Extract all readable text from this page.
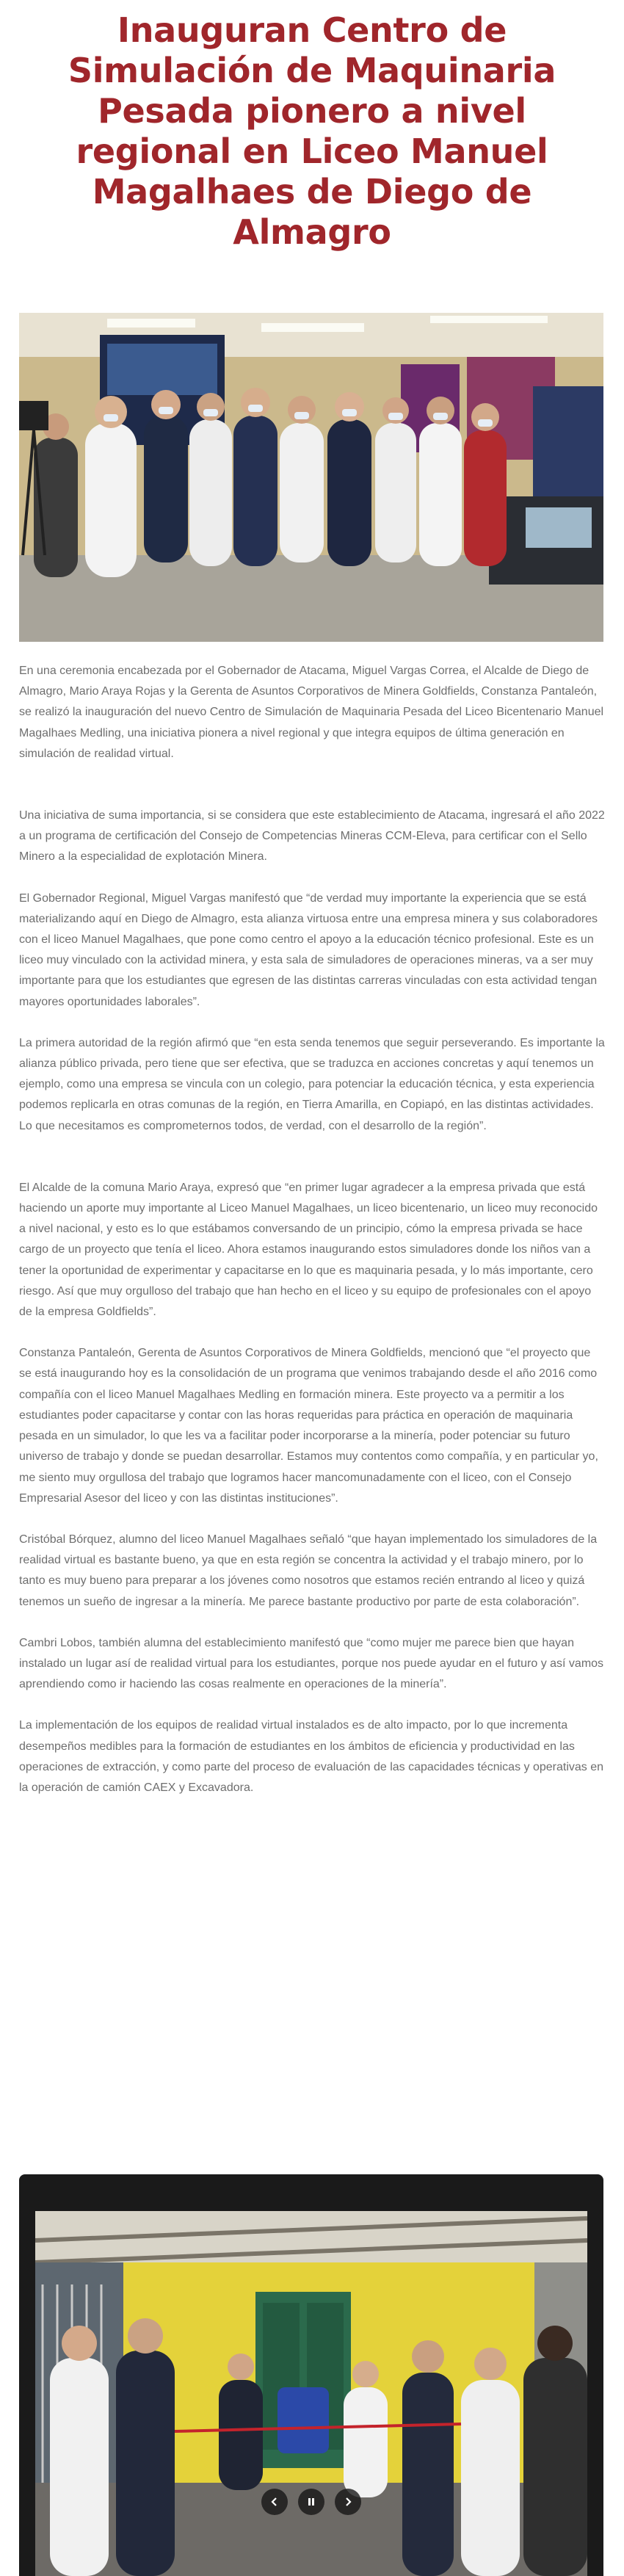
Inauguran Centro de Simulación de Maquinaria Pesada pionero a nivel regional en Liceo Manuel Magalhaes de Diego de Almagro

En una ceremonia encabezada por el Gobernador de Atacama, Miguel Vargas Correa, el Alcalde de Diego de Almagro, Mario Araya Rojas y la Gerenta de Asuntos Corporativos de Minera Goldfields, Constanza Pantaleón, se realizó la inauguración del nuevo Centro de Simulación de Maquinaria Pesada del Liceo Bicentenario Manuel Magalhaes Medling, una iniciativa pionera a nivel regional y que integra equipos de última generación en simulación de realidad virtual.

Una iniciativa de suma importancia, si se considera que este establecimiento de Atacama, ingresará el año 2022 a un programa de certificación del Consejo de Competencias Mineras CCM-Eleva, para certificar con el Sello Minero a la especialidad de explotación Minera.

El Gobernador Regional, Miguel Vargas manifestó que “de verdad muy importante la experiencia que se está materializando aquí en Diego de Almagro, esta alianza virtuosa entre una empresa minera y sus colaboradores con el liceo Manuel Magalhaes, que pone como centro el apoyo a la educación técnico profesional. Este es un liceo muy vinculado con la actividad minera, y esta sala de simuladores de operaciones mineras, va a ser muy importante para que los estudiantes que egresen de las distintas carreras vinculadas con esta actividad tengan mayores oportunidades laborales”.

La primera autoridad de la región afirmó que “en esta senda tenemos que seguir perseverando. Es importante la alianza público privada, pero tiene que ser efectiva, que se traduzca en acciones concretas y aquí tenemos un ejemplo, como una empresa se vincula con un colegio, para potenciar la educación técnica, y esta experiencia podemos replicarla en otras comunas de la región, en Tierra Amarilla, en Copiapó, en las distintas actividades. Lo que necesitamos es comprometernos todos, de verdad, con el desarrollo de la región”.

El Alcalde de la comuna Mario Araya, expresó que “en primer lugar agradecer a la empresa privada que está haciendo un aporte muy importante al Liceo Manuel Magalhaes, un liceo bicentenario, un liceo muy reconocido a nivel nacional, y esto es lo que estábamos conversando de un principio, cómo la empresa privada se hace cargo de un proyecto que tenía el liceo. Ahora estamos inaugurando estos simuladores donde los niños van a tener la oportunidad de experimentar y capacitarse en lo que es maquinaria pesada, y lo más importante, cero riesgo. Así que muy orgulloso del trabajo que han hecho en el liceo y su equipo de profesionales con el apoyo de la empresa Goldfields”.

Constanza Pantaleón, Gerenta de Asuntos Corporativos de Minera Goldfields, mencionó que “el proyecto que se está inaugurando hoy es la consolidación de un programa que venimos trabajando desde el año 2016 como compañía con el liceo Manuel Magalhaes Medling en formación minera. Este proyecto va a permitir a los estudiantes poder capacitarse y contar con las horas requeridas para práctica en operación de maquinaria pesada en un simulador, lo que les va a facilitar poder incorporarse a la minería, poder potenciar su futuro universo de trabajo y donde se puedan desarrollar. Estamos muy contentos como compañía, y en particular yo, me siento muy orgullosa del trabajo que logramos hacer mancomunadamente con el liceo, con el Consejo Empresarial Asesor del liceo y con las distintas instituciones”.

Cristóbal Bórquez, alumno del liceo Manuel Magalhaes señaló “que hayan implementado los simuladores de la realidad virtual es bastante bueno, ya que en esta región se concentra la actividad y el trabajo minero, por lo tanto es muy bueno para preparar a los jóvenes como nosotros que estamos recién entrando al liceo y quizá tenemos un sueño de ingresar a la minería. Me parece bastante productivo por parte de esta colaboración”.

Cambri Lobos, también alumna del establecimiento manifestó que “como mujer me parece bien que hayan instalado un lugar así de realidad virtual para los estudiantes, porque nos puede ayudar en el futuro y así vamos aprendiendo como ir haciendo las cosas realmente en operaciones de la minería”.

La implementación de los equipos de realidad virtual instalados es de alto impacto, por lo que incrementa desempeños medibles para la formación de estudiantes en los ámbitos de eficiencia y productividad en las operaciones de extracción, y como parte del proceso de evaluación de las capacidades técnicas y operativas en la operación de camión CAEX y Excavadora.
